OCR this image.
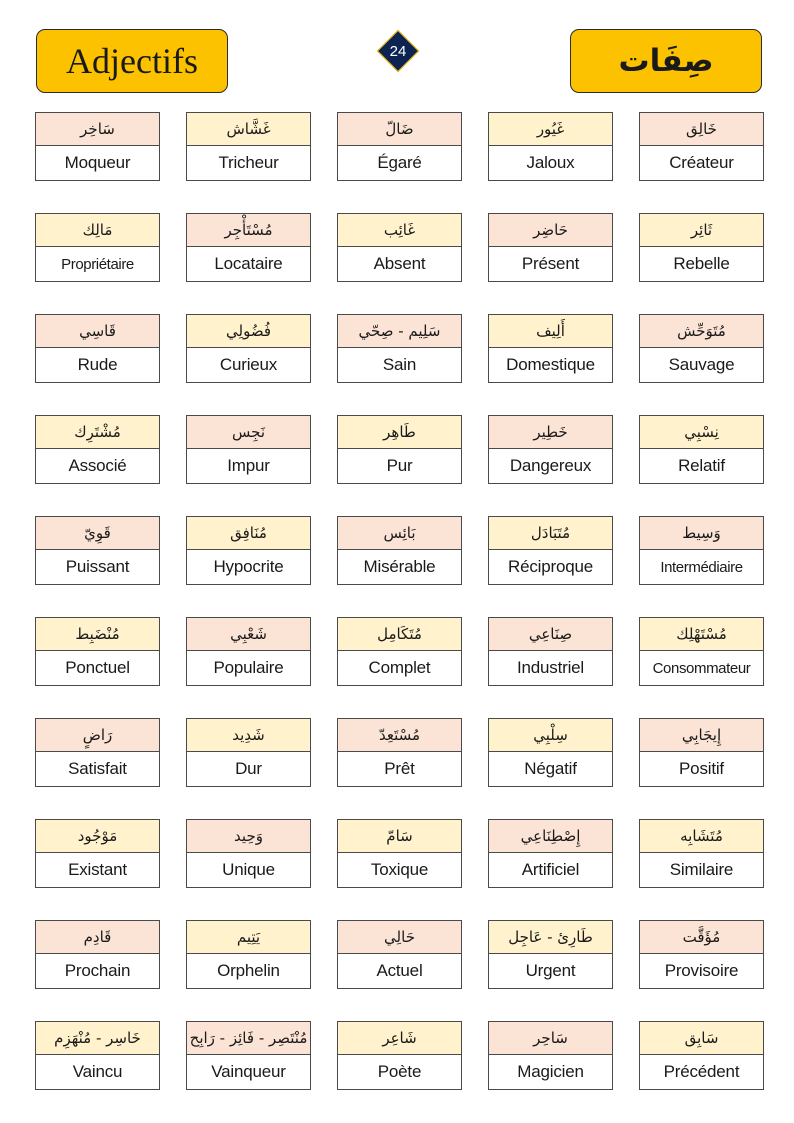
Adjectifs	24	صِفَات
سَاخِر
Moqueur
غَشَّاش
Tricheur
ضَالّ
Égaré
غَيُور
Jaloux
خَالِق
Créateur
مَالِك
Propriétaire
مُسْتَأْجِر
Locataire
غَائِب
Absent
حَاضِر
Présent
ثَائِر
Rebelle
قَاسِي
Rude
فُضُولِي
Curieux
سَلِيم - صِحّي
Sain
أَلِيف
Domestique
مُتَوَحِّش
Sauvage
مُشْتَرِك
Associé
نَجِس
Impur
طَاهِر
Pur
خَطِير
Dangereux
نِسْبِي
Relatif
قَوِيّ
Puissant
مُنَافِق
Hypocrite
بَائِس
Misérable
مُتَبَادَل
Réciproque
وَسِيط
Intermédiaire
مُنْضَبِط
Ponctuel
شَعْبِي
Populaire
مُتَكَامِل
Complet
صِنَاعِي
Industriel
مُسْتَهْلِك
Consommateur
رَاضٍ
Satisfait
شَدِيد
Dur
مُسْتَعِدّ
Prêt
سِلْبِي
Négatif
إِيجَابِي
Positif
مَوْجُود
Existant
وَحِيد
Unique
سَامّ
Toxique
إِصْطِنَاعِي
Artificiel
مُتَشَابِه
Similaire
قَادِم
Prochain
يَتِيم
Orphelin
حَالِي
Actuel
طَارِئ - عَاجِل
Urgent
مُؤَقَّت
Provisoire
خَاسِر - مُنْهَزِم
Vaincu
مُنْتَصِر - فَائِز - رَابِح
Vainqueur
شَاعِر
Poète
سَاحِر
Magicien
سَابِق
Précédent
